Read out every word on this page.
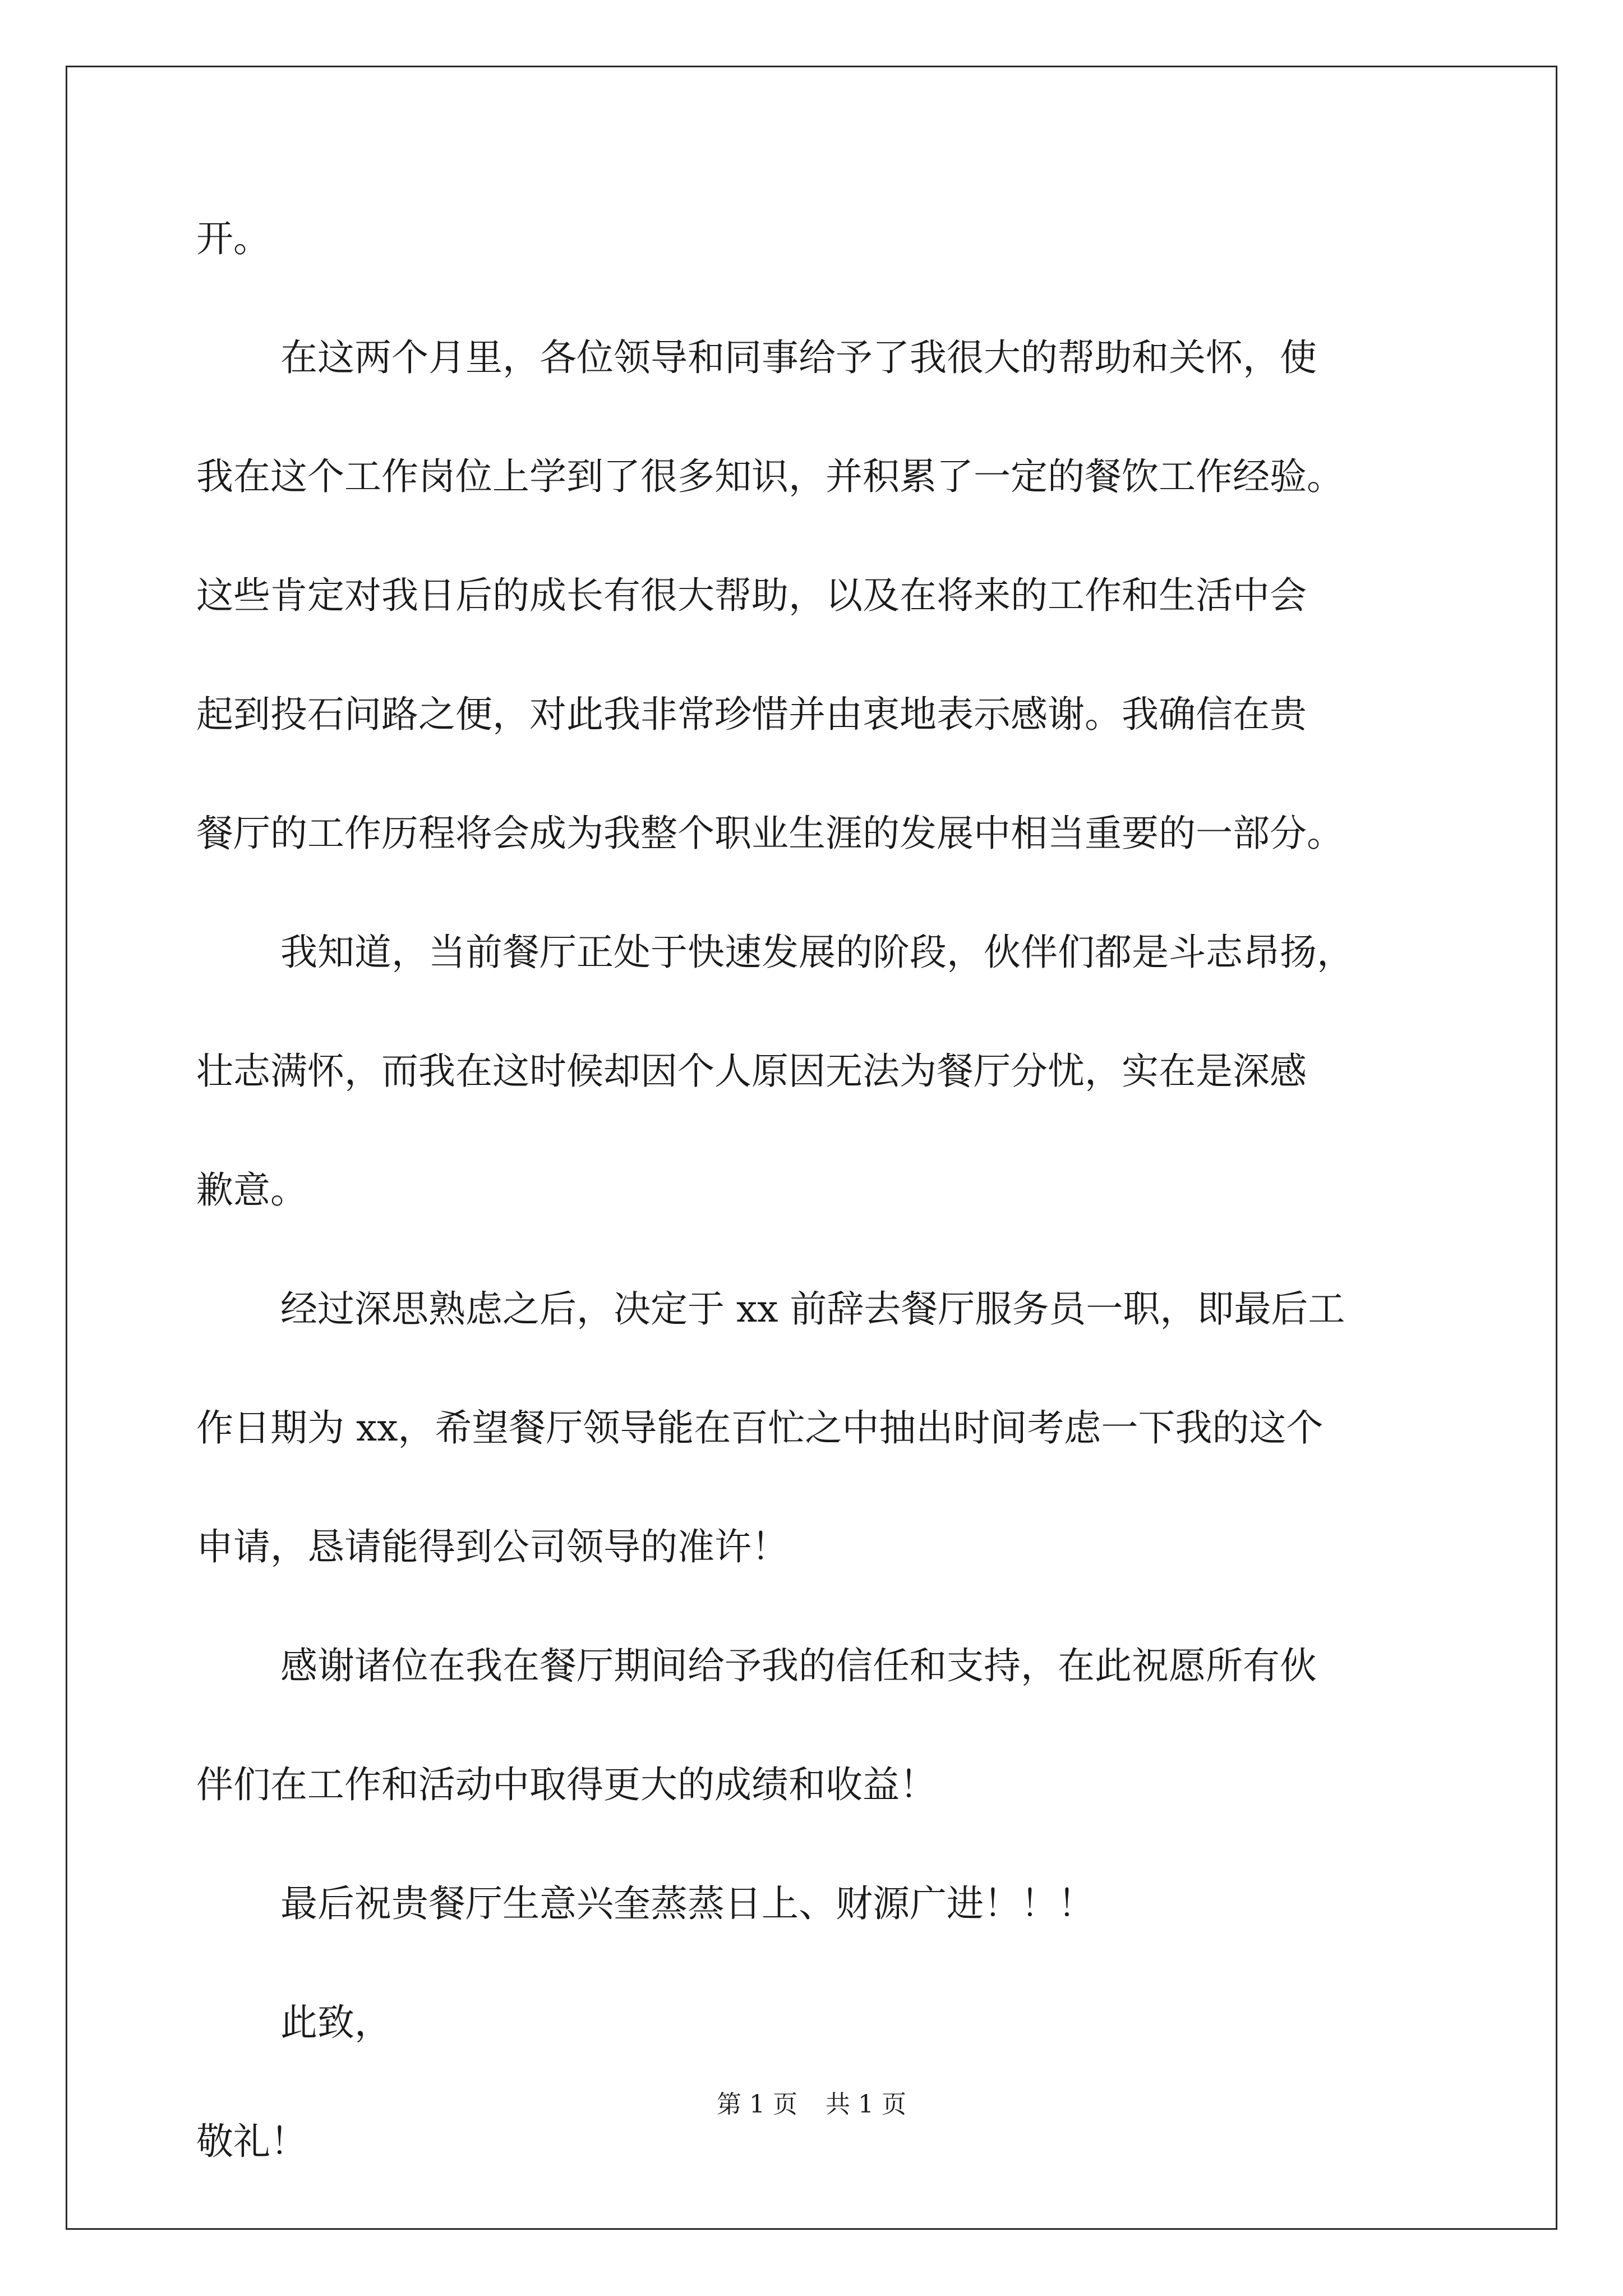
开。
在这两个月里，各位领导和同事给予了我很大的帮助和关怀，使
我在这个工作岗位上学到了很多知识，并积累了一定的餐饮工作经验。
这些肯定对我日后的成长有很大帮助，以及在将来的工作和生活中会
起到投石问路之便，对此我非常珍惜并由衷地表示感谢。我确信在贵
餐厅的工作历程将会成为我整个职业生涯的发展中相当重要的一部分。
我知道，当前餐厅正处于快速发展的阶段，伙伴们都是斗志昂扬，
壮志满怀，而我在这时候却因个人原因无法为餐厅分忧，实在是深感
歉意。
经过深思熟虑之后，决定于 xx 前辞去餐厅服务员一职，即最后工
作日期为 xx，希望餐厅领导能在百忙之中抽出时间考虑一下我的这个
申请，恳请能得到公司领导的准许！
感谢诸位在我在餐厅期间给予我的信任和支持，在此祝愿所有伙
伴们在工作和活动中取得更大的成绩和收益！
最后祝贵餐厅生意兴奎蒸蒸日上、财源广进！！！
此致，
敬礼！
第 1 页 共 1 页
